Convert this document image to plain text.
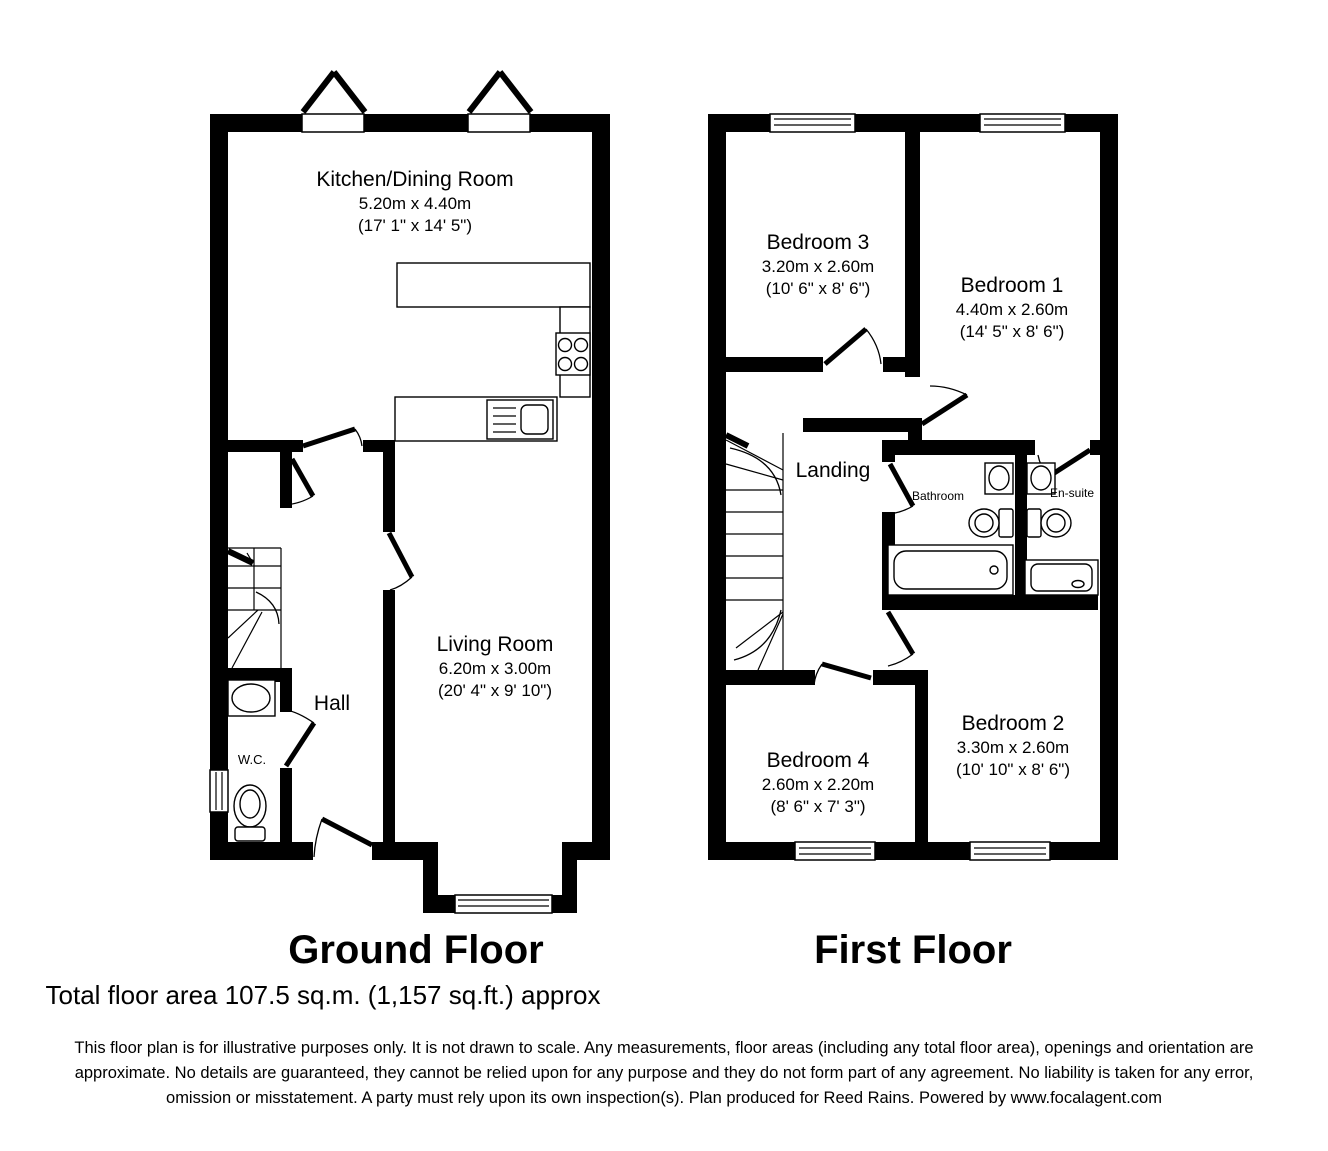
Kitchen/Dining Room
5.20m x 4.40m
(17' 1" x 14' 5")
Living Room
6.20m x 3.00m
(20' 4" x 9' 10")
Hall
W.C.
Bedroom 3
3.20m x 2.60m
(10' 6" x 8' 6")	Bedroom 1
4.40m x 2.60m
(14' 5" x 8' 6")
Landing
Bathroom	En-suite
Bedroom 4
2.60m x 2.20m
(8' 6" x 7' 3")
Bedroom 2
3.30m x 2.60m
(10' 10" x 8' 6")
Ground Floor	First Floor
Total floor area 107.5 sq.m. (1,157 sq.ft.) approx
This floor plan is for illustrative purposes only. It is not drawn to scale. Any measurements, floor areas (including any total floor area), openings and orientation are approximate. No details are guaranteed, they cannot be relied upon for any purpose and they do not form part of any agreement. No liability is taken for any error, omission or misstatement. A party must rely upon its own inspection(s). Plan produced for Reed Rains. Powered by www.focalagent.com
